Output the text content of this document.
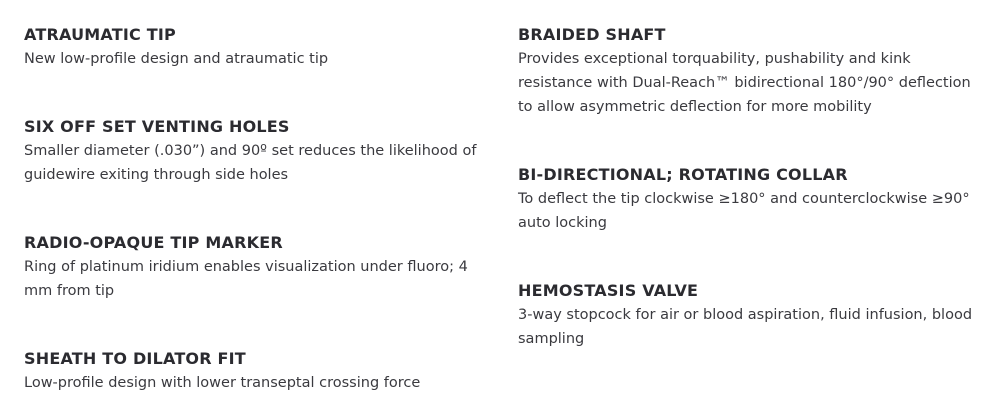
ATRAUMATIC TIP

New low-profile design and atraumatic tip

SIX OFF SET VENTING HOLES

Smaller diameter (.030”) and 90º set reduces the likelihood of guidewire exiting through side holes

RADIO-OPAQUE TIP MARKER

Ring of platinum iridium enables visualization under fluoro; 4 mm from tip

SHEATH TO DILATOR FIT

Low-profile design with lower transeptal crossing force

BRAIDED SHAFT

Provides exceptional torquability, pushability and kink resistance with Dual-Reach™ bidirectional 180°/90° deflection to allow asymmetric deflection for more mobility

BI-DIRECTIONAL; ROTATING COLLAR

To deflect the tip clockwise ≥180° and counterclockwise ≥90° auto locking

HEMOSTASIS VALVE

3-way stopcock for air or blood aspiration, fluid infusion, blood sampling
